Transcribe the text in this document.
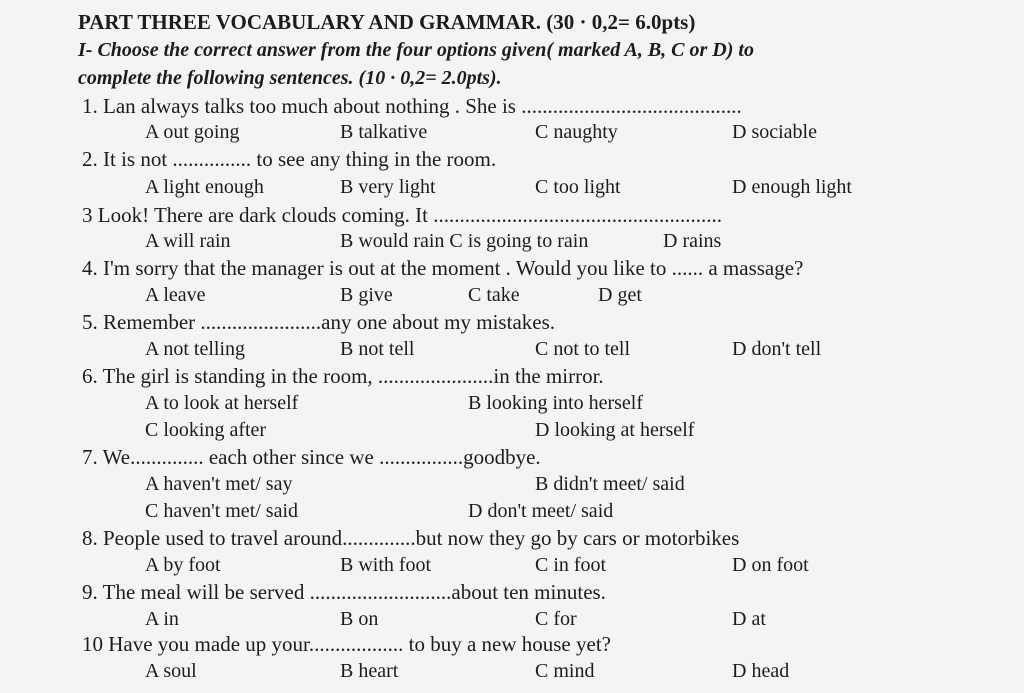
PART THREE VOCABULARY AND GRAMMAR. (30 · 0,2= 6.0pts)
I- Choose the correct answer from the four options given( marked A, B, C or D) to
complete the following sentences. (10 · 0,2= 2.0pts).
1. Lan always talks too much about nothing . She is ..........................................
A out going	B talkative	C naughty	D sociable
2. It is not ............... to see any thing in the room.
A light enough	B very light	C too light	D enough light
3 Look! There are dark clouds coming. It .......................................................
A will rain	B would rain C is going to rain	D rains
4. I'm sorry that the manager is out at the moment . Would you like to ...... a massage?
A leave	B give	C take	D get
5. Remember .......................any one about my mistakes.
A not telling	B not tell	C not to tell	D don't tell
6. The girl is standing in the room, ......................in the mirror.
A to look at herself	B looking into herself
C looking after	D looking at herself
7. We.............. each other since we ................goodbye.
A haven't met/ say	B didn't meet/ said
C haven't met/ said	D don't meet/ said
8. People used to travel around..............but now they go by cars or motorbikes
A by foot	B with foot	C in foot	D on foot
9. The meal will be served ...........................about ten minutes.
A in	B on	C for	D at
10 Have you made up your.................. to buy a new house yet?
A soul	B heart	C mind	D head
